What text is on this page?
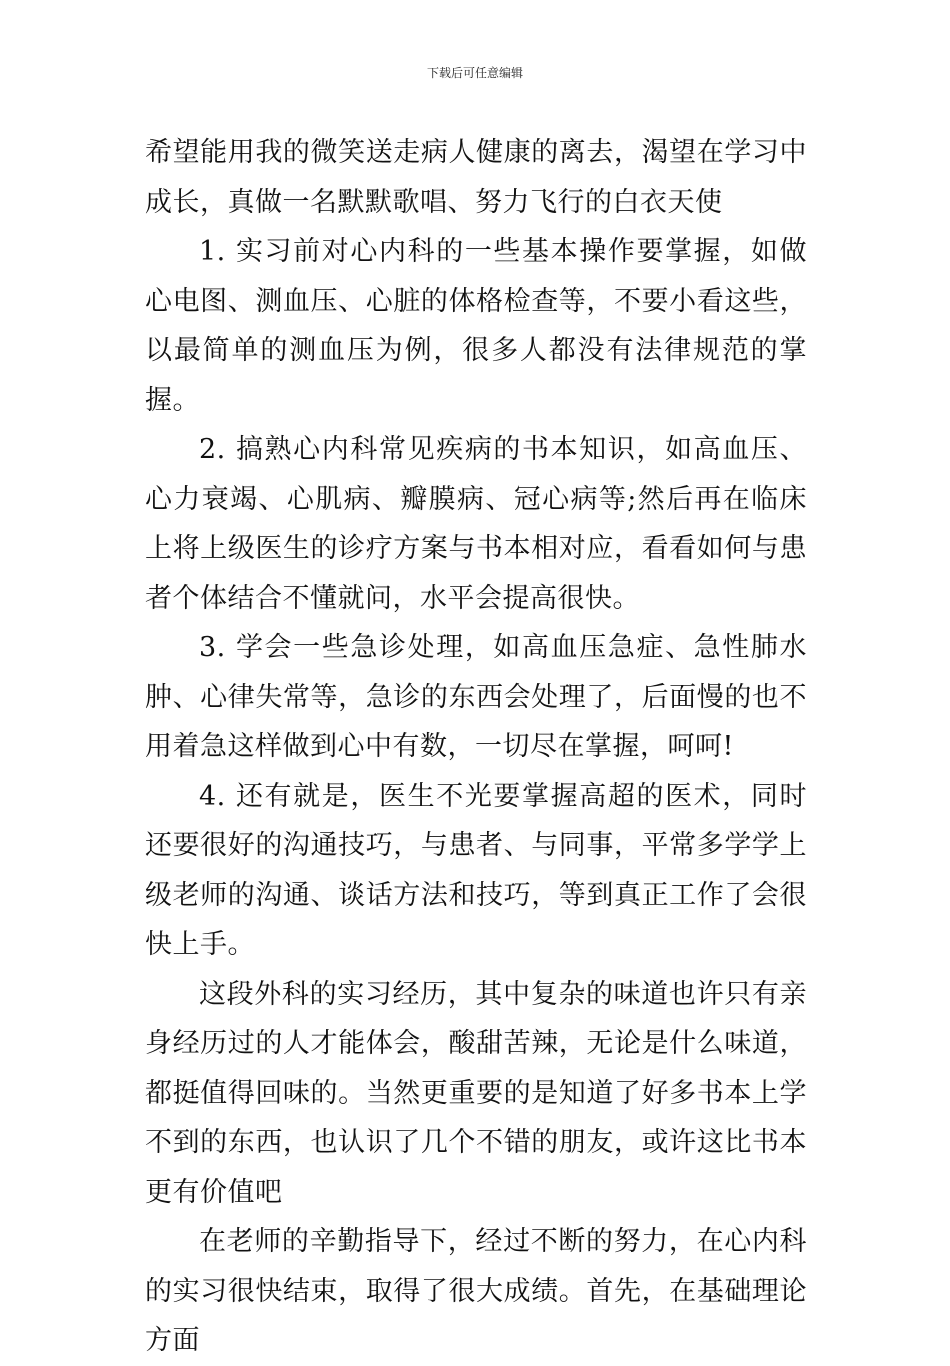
下载后可任意编辑

希望能用我的微笑送走病人健康的离去，渴望在学习中成长，真做一名默默歌唱、努力飞行的白衣天使

1. 实习前对心内科的一些基本操作要掌握，如做心电图、测血压、心脏的体格检查等，不要小看这些，以最简单的测血压为例，很多人都没有法律规范的掌握。

2. 搞熟心内科常见疾病的书本知识，如高血压、心力衰竭、心肌病、瓣膜病、冠心病等;然后再在临床上将上级医生的诊疗方案与书本相对应，看看如何与患者个体结合不懂就问，水平会提高很快。

3. 学会一些急诊处理，如高血压急症、急性肺水肿、心律失常等，急诊的东西会处理了，后面慢的也不用着急这样做到心中有数，一切尽在掌握，呵呵!

4. 还有就是，医生不光要掌握高超的医术，同时还要很好的沟通技巧，与患者、与同事，平常多学学上级老师的沟通、谈话方法和技巧，等到真正工作了会很快上手。

这段外科的实习经历，其中复杂的味道也许只有亲身经历过的人才能体会，酸甜苦辣，无论是什么味道，都挺值得回味的。当然更重要的是知道了好多书本上学不到的东西，也认识了几个不错的朋友，或许这比书本更有价值吧

在老师的辛勤指导下，经过不断的努力，在心内科的实习很快结束，取得了很大成绩。首先，在基础理论方面
